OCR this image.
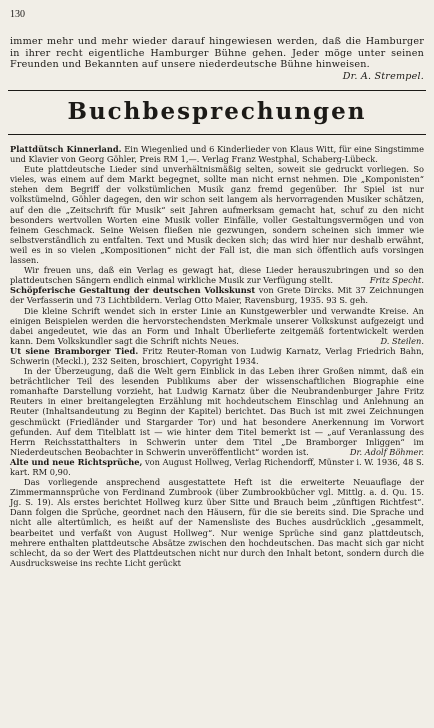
130

immer mehr und mehr wieder darauf hingewiesen werden, daß die Hamburger in ihrer recht eigentliche Hamburger Bühne gehen. Jeder möge unter seinen Freunden und Bekannten auf unsere niederdeutsche Bühne hinweisen.
Dr. A. Strempel.

Buchbesprechungen

Plattdütsch Kinnerland. Ein Wiegenlied und 6 Kinderlieder von Klaus Witt, für eine Singstimme und Klavier von Georg Göhler, Preis RM 1,—. Verlag Franz Westphal, Schaberg-Lübeck.

Eute plattdeutsche Lieder sind unverhältnismäßig selten, soweit sie gedruckt vorliegen. So vieles, was einem auf dem Markt begegnet, sollte man nicht ernst nehmen. Die „Komponisten“ stehen dem Begriff der volkstümlichen Musik ganz fremd gegenüber. Ihr Spiel ist nur volkstümelnd, Göhler dagegen, den wir schon seit langem als hervorragenden Musiker schätzen, auf den die „Zeitschrift für Musik“ seit Jahren aufmerksam gemacht hat, schuf zu den nicht besonders wertvollen Worten eine Musik voller Einfälle, voller Gestaltungsvermögen und von feinem Geschmack. Seine Weisen fließen nie gezwungen, sondern scheinen sich immer wie selbstverständlich zu entfalten. Text und Musik decken sich; das wird hier nur deshalb erwähnt, weil es in so vielen „Kompositionen“ nicht der Fall ist, die man sich öffentlich aufs vorsingen lassen.

Wir freuen uns, daß ein Verlag es gewagt hat, diese Lieder herauszubringen und so den plattdeutschen Sängern endlich einmal wirkliche Musik zur Verfügung stellt.	Fritz Specht.

Schöpferische Gestaltung der deutschen Volkskunst von Grete Dircks. Mit 37 Zeichnungen der Verfasserin und 73 Lichtbildern. Verlag Otto Maier, Ravensburg, 1935. 93 S. geh.

Die kleine Schrift wendet sich in erster Linie an Kunstgewerbler und verwandte Kreise. An einigen Beispielen werden die hervorstechendsten Merkmale unserer Volkskunst aufgezeigt und dabei angedeutet, wie das an Form und Inhalt Überlieferte zeitgemäß fortentwickelt werden kann. Dem Volkskundler sagt die Schrift nichts Neues.	D. Steilen.

Ut siene Bramborger Tied. Fritz Reuter-Roman von Ludwig Karnatz, Verlag Friedrich Bahn, Schwerin (Meckl.), 232 Seiten, broschiert, Copyright 1934.

In der Überzeugung, daß die Welt gern Einblick in das Leben ihrer Großen nimmt, daß ein beträchtlicher Teil des lesenden Publikums aber der wissenschaftlichen Biographie eine romanhafte Darstellung vorzieht, hat Ludwig Karnatz über die Neubrandenburger Jahre Fritz Reuters in einer breitangelegten Erzählung mit hochdeutschem Einschlag und Anlehnung an Reuter (Inhaltsandeutung zu Beginn der Kapitel) berichtet. Das Buch ist mit zwei Zeichnungen geschmückt (Friedländer und Stargarder Tor) und hat besondere Anerkennung im Vorwort gefunden. Auf dem Titelblatt ist — wie hinter dem Titel bemerkt ist — „auf Veranlassung des Herrn Reichsstatthalters in Schwerin unter dem Titel „De Bramborger Inliggen“ im Niederdeutschen Beobachter in Schwerin unveröffentlicht“ worden ist.	Dr. Adolf Böhmer.

Alte und neue Richtsprüche, von August Hollweg, Verlag Richendorff, Münster i. W. 1936, 48 S. kart. RM 0,90.

Das vorliegende ansprechend ausgestattete Heft ist die erweiterte Neuauflage der Zimmermannsprüche von Ferdinand Zumbrook (über Zumbrookbücher vgl. Mittlg. a. d. Qu. 15. Jg. S. 19). Als erstes berichtet Hollweg kurz über Sitte und Brauch beim „zünftigen Richtfest“. Dann folgen die Sprüche, geordnet nach den Häusern, für die sie bereits sind. Die Sprache und nicht alle altertümlich, es heißt auf der Namensliste des Buches ausdrücklich „gesammelt, bearbeitet und verfaßt von August Hollweg“. Nur wenige Sprüche sind ganz plattdeutsch, mehrere enthalten plattdeutsche Absätze zwischen den hochdeutschen. Das macht sich gar nicht schlecht, da so der Wert des Plattdeutschen nicht nur durch den Inhalt betont, sondern durch die Ausdrucksweise ins rechte Licht gerückt
